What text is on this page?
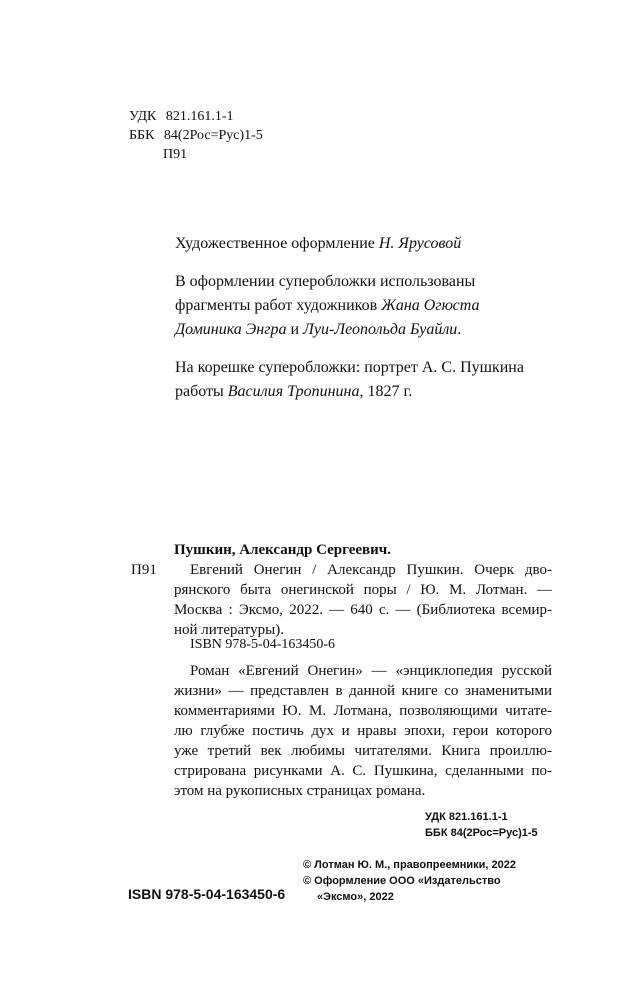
УДК 821.161.1-1
ББК 84(2Рос=Рус)1-5
П91
Художественное оформление Н. Ярусовой
В оформлении суперобложки использованы
фрагменты работ художников Жана Огюста
Доминика Энгра и Луи-Леопольда Буайли.
На корешке суперобложки: портрет А. С. Пушкина
работы Василия Тропинина, 1827 г.
Пушкин, Александр Сергеевич.
П91 Евгений Онегин / Александр Пушкин. Очерк дво-
рянского быта онегинской поры / Ю. М. Лотман. —
Москва : Эксмо, 2022. — 640 с. — (Библиотека всемир-
ной литературы).
ISBN 978-5-04-163450-6
Роман «Евгений Онегин» — «энциклопедия русской
жизни» — представлен в данной книге со знаменитыми
комментариями Ю. М. Лотмана, позволяющими читате-
лю глубже постичь дух и нравы эпохи, герои которого
уже третий век любимы читателями. Книга проиллю-
стрирована рисунками А. С. Пушкина, сделанными по-
этом на рукописных страницах романа.
УДК 821.161.1-1
ББК 84(2Рос=Рус)1-5
ISBN 978-5-04-163450-6
© Лотман Ю. М., правопреемники, 2022
© Оформление ООО «Издательство
«Эксмо», 2022
